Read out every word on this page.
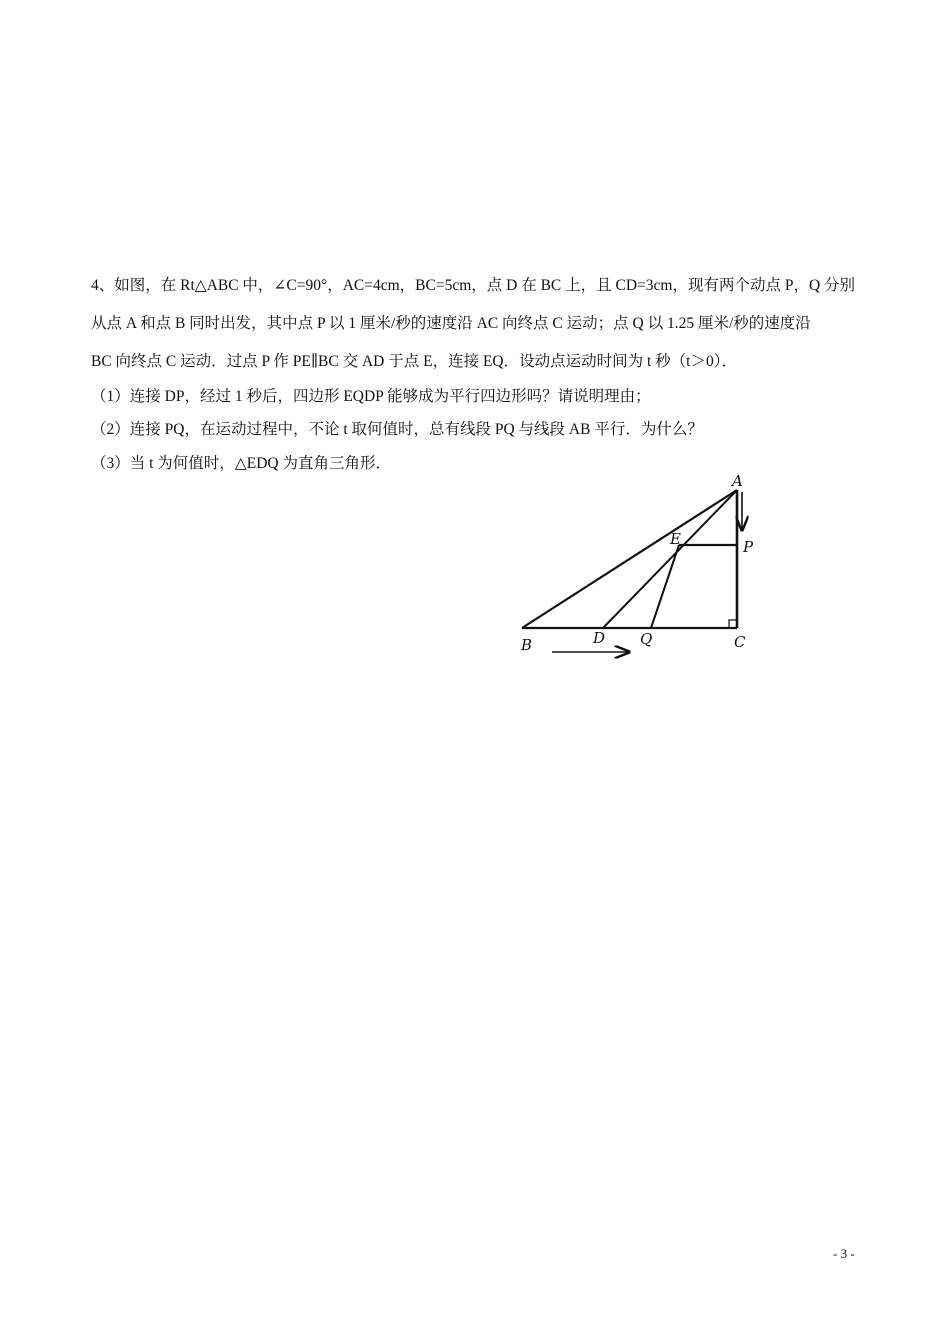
4、如图，在 Rt△ABC 中，∠C=90°，AC=4cm，BC=5cm，点 D 在 BC 上，且 CD=3cm，现有两个动点 P，Q 分别
从点 A 和点 B 同时出发，其中点 P 以 1 厘米/秒的速度沿 AC 向终点 C 运动；点 Q 以 1.25 厘米/秒的速度沿
BC 向终点 C 运动．过点 P 作 PE∥BC 交 AD 于点 E，连接 EQ．设动点运动时间为 t 秒（t＞0）．
（1）连接 DP，经过 1 秒后，四边形 EQDP 能够成为平行四边形吗？请说明理由；
（2）连接 PQ，在运动过程中，不论 t 取何值时，总有线段 PQ 与线段 AB 平行．为什么？
（3）当 t 为何值时，△EDQ 为直角三角形．
A
B	C
D
E	P
Q
- 3 -
